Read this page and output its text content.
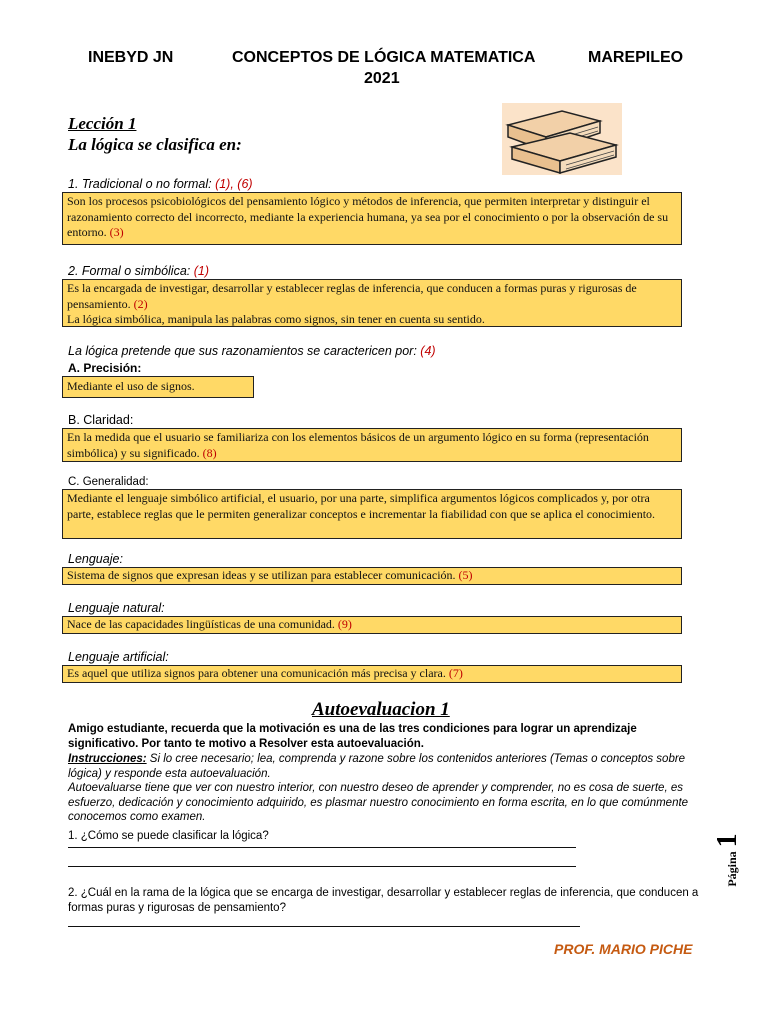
INEBYD JN	CONCEPTOS DE LÓGICA MATEMATICA	MAREPILEO
2021
Lección 1
La lógica se clasifica en:
1. Tradicional o no formal: (1), (6)
Son los procesos psicobiológicos del pensamiento lógico y métodos de inferencia, que permiten interpretar y distinguir el razonamiento correcto del incorrecto, mediante la experiencia humana, ya sea por el conocimiento o por la observación de su entorno. (3)
2. Formal o simbólica: (1)
Es la encargada de investigar, desarrollar y establecer reglas de inferencia, que conducen a formas puras y rigurosas de pensamiento. (2)
La lógica simbólica, manipula las palabras como signos, sin tener en cuenta su sentido.
La lógica pretende que sus razonamientos se caractericen por: (4)
A. Precisión:
Mediante el uso de signos.
B. Claridad:
En la medida que el usuario se familiariza con los elementos básicos de un argumento lógico en su forma (representación simbólica) y su significado. (8)
C. Generalidad:
Mediante el lenguaje simbólico artificial, el usuario, por una parte, simplifica argumentos lógicos complicados y, por otra parte, establece reglas que le permiten generalizar conceptos e incrementar la fiabilidad con que se aplica el conocimiento.
Lenguaje:
Sistema de signos que expresan ideas y se utilizan para establecer comunicación. (5)
Lenguaje natural:
Nace de las capacidades lingüísticas de una comunidad. (9)
Lenguaje artificial:
Es aquel que utiliza signos para obtener una comunicación más precisa y clara. (7)
Autoevaluacion 1
Amigo estudiante, recuerda que la motivación es una de las tres condiciones para lograr un aprendizaje significativo. Por tanto te motivo a Resolver esta autoevaluación.
Instrucciones: Si lo cree necesario; lea, comprenda y razone sobre los contenidos anteriores (Temas o conceptos sobre lógica) y responde esta autoevaluación.
Autoevaluarse tiene que ver con nuestro interior, con nuestro deseo de aprender y comprender, no es cosa de suerte, es esfuerzo, dedicación y conocimiento adquirido, es plasmar nuestro conocimiento en forma escrita, en lo que comúnmente conocemos como examen.
1. ¿Cómo se puede clasificar la lógica?
2. ¿Cuál en la rama de la lógica que se encarga de investigar, desarrollar y establecer reglas de inferencia, que conducen a formas puras y rigurosas de pensamiento?
Página1
PROF. MARIO PICHE
